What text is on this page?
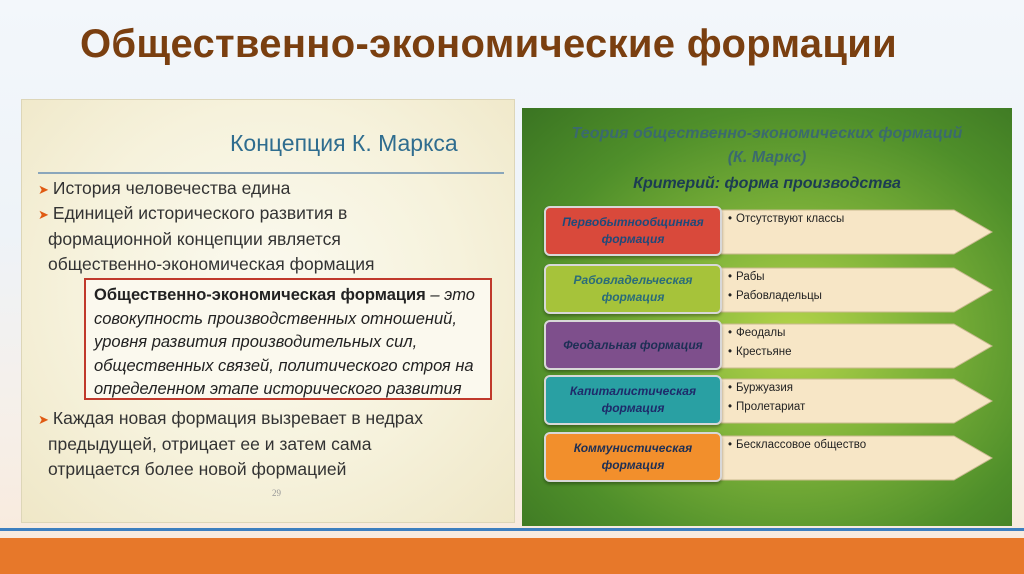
Общественно-экономические формации
Концепция К. Маркса
➤ История человечества едина
➤ Единицей исторического развития в
формационной концепции является
общественно-экономическая формация
Общественно-экономическая формация – это
совокупность производственных отношений,
уровня развития производительных сил,
общественных связей, политического строя на
определенном этапе исторического развития
➤ Каждая новая формация вызревает в недрах
предыдущей, отрицает ее и затем сама
отрицается более новой формацией
29
Теория общественно-экономических формаций
(К. Маркс)
Критерий: форма производства
Первобытнообщинная формация
• Отсутствуют классы
Рабовладельческая формация
• Рабы
• Рабовладельцы
Феодальная формация
• Феодалы
• Крестьяне
Капиталистическая формация
• Буржуазия
• Пролетариат
Коммунистическая формация
• Бесклассовое общество
